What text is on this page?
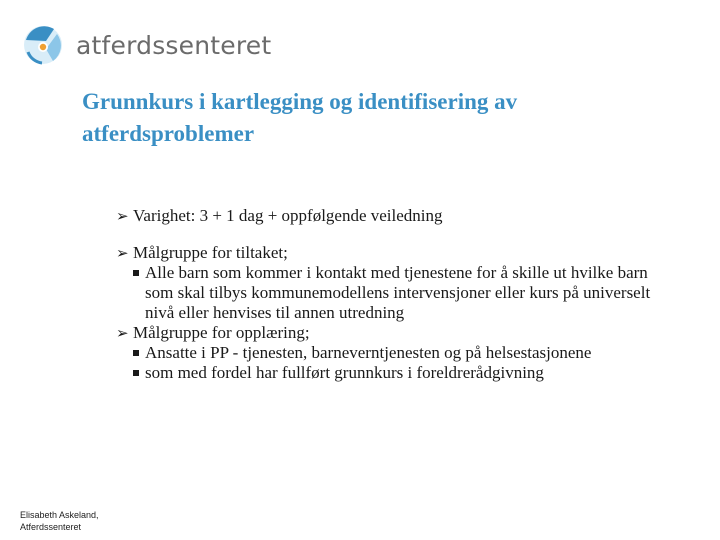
atferdssenteret
Grunnkurs i kartlegging og identifisering av atferdsproblemer
➢ Varighet: 3 + 1 dag + oppfølgende veiledning
➢ Målgruppe for tiltaket;
Alle barn som kommer i kontakt med tjenestene for å skille ut hvilke barn som skal tilbys kommunemodellens intervensjoner eller kurs på universelt nivå eller henvises til annen utredning
➢ Målgruppe for opplæring;
Ansatte i PP - tjenesten, barneverntjenesten og på helsestasjonene
som med fordel har fullført grunnkurs i foreldrerådgivning
Elisabeth Askeland,
Atferdssenteret
